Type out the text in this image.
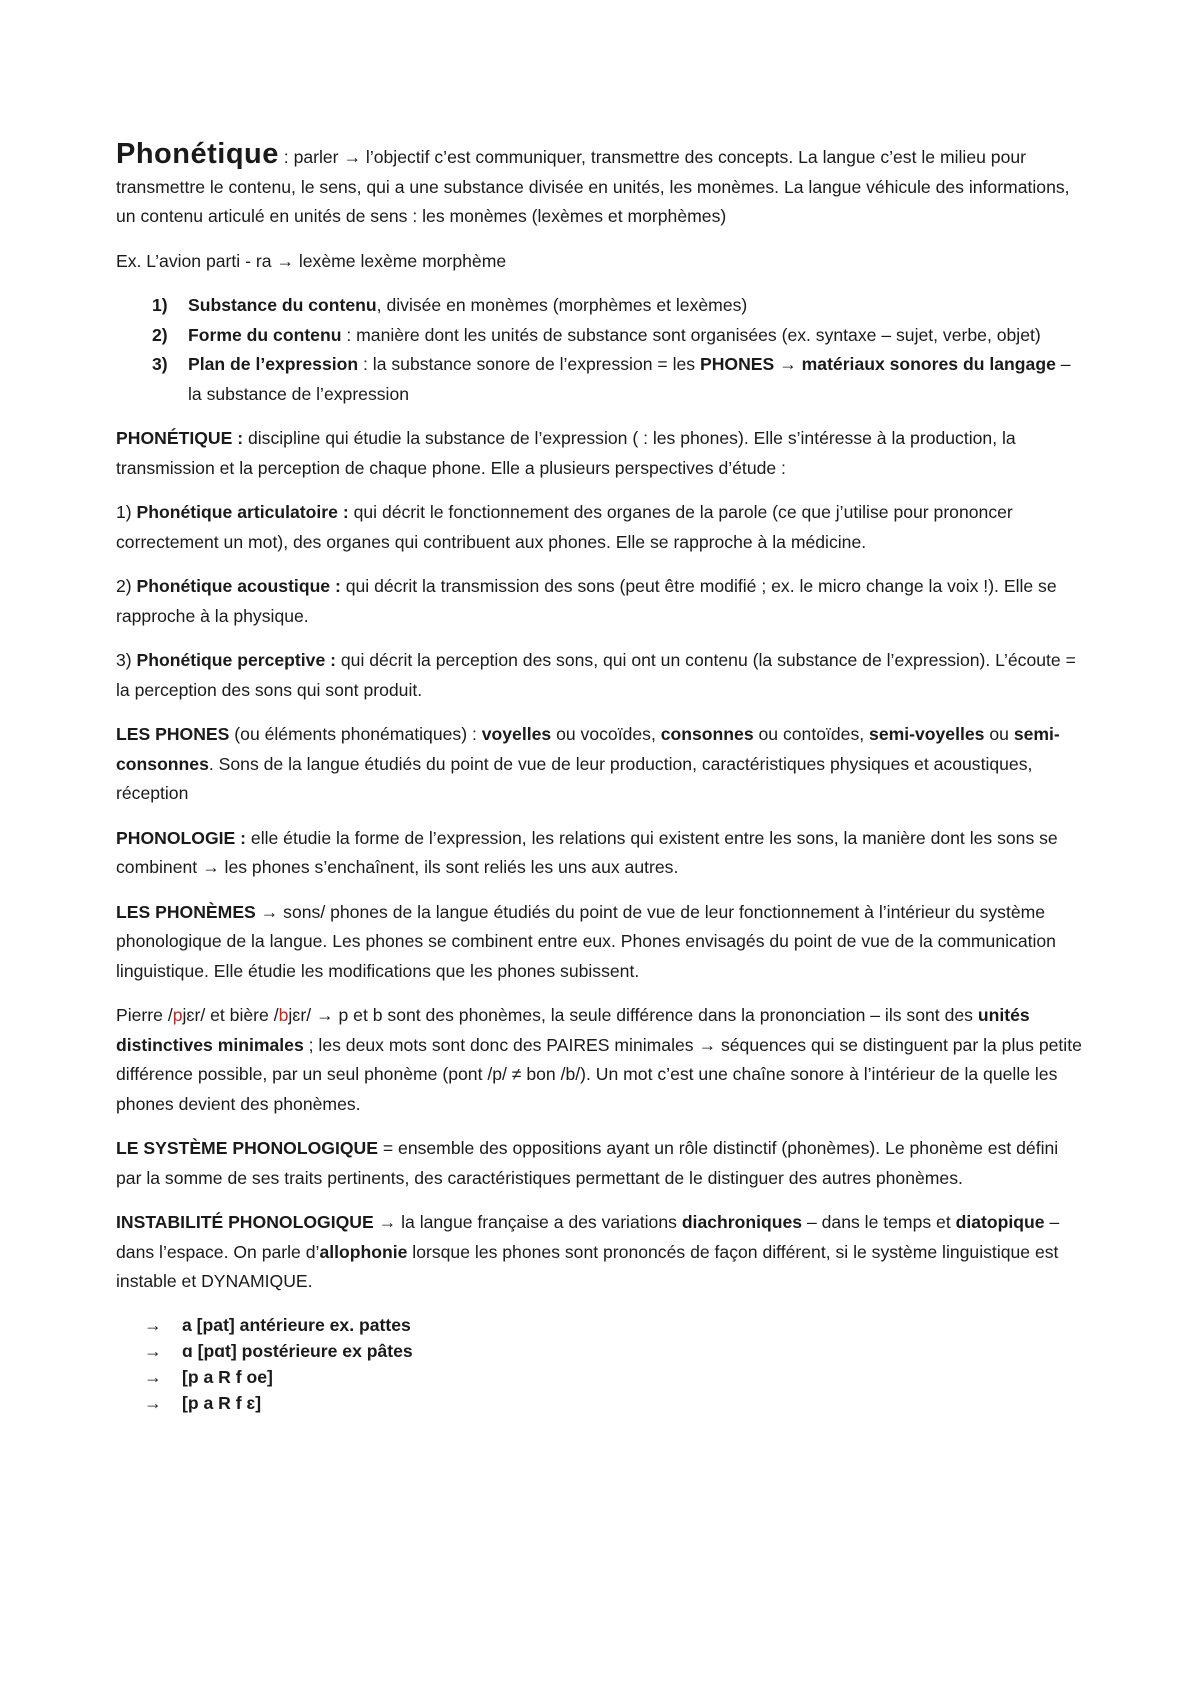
Phonétique : parler → l’objectif c’est communiquer, transmettre des concepts. La langue c’est le milieu pour transmettre le contenu, le sens, qui a une substance divisée en unités, les monèmes. La langue véhicule des informations, un contenu articulé en unités de sens : les monèmes (lexèmes et morphèmes)

Ex. L’avion parti - ra → lexème lexème morphème

1) Substance du contenu, divisée en monèmes (morphèmes et lexèmes)
2) Forme du contenu : manière dont les unités de substance sont organisées (ex. syntaxe – sujet, verbe, objet)
3) Plan de l’expression : la substance sonore de l’expression = les PHONES → matériaux sonores du langage – la substance de l’expression

PHONÉTIQUE : discipline qui étudie la substance de l’expression ( : les phones). Elle s’intéresse à la production, la transmission et la perception de chaque phone. Elle a plusieurs perspectives d’étude :

1) Phonétique articulatoire : qui décrit le fonctionnement des organes de la parole (ce que j’utilise pour prononcer correctement un mot), des organes qui contribuent aux phones. Elle se rapproche à la médicine.

2) Phonétique acoustique : qui décrit la transmission des sons (peut être modifié ; ex. le micro change la voix !). Elle se rapproche à la physique.

3) Phonétique perceptive : qui décrit la perception des sons, qui ont un contenu (la substance de l’expression). L’écoute = la perception des sons qui sont produit.

LES PHONES (ou éléments phonématiques) : voyelles ou vocoïdes, consonnes ou contoïdes, semi-voyelles ou semi-consonnes. Sons de la langue étudiés du point de vue de leur production, caractéristiques physiques et acoustiques, réception

PHONOLOGIE : elle étudie la forme de l’expression, les relations qui existent entre les sons, la manière dont les sons se combinent → les phones s’enchaînent, ils sont reliés les uns aux autres.

LES PHONÈMES → sons/ phones de la langue étudiés du point de vue de leur fonctionnement à l’intérieur du système phonologique de la langue. Les phones se combinent entre eux. Phones envisagés du point de vue de la communication linguistique. Elle étudie les modifications que les phones subissent.

Pierre /pjɛr/ et bière /bjɛr/ → p et b sont des phonèmes, la seule différence dans la prononciation – ils sont des unités distinctives minimales ; les deux mots sont donc des PAIRES minimales → séquences qui se distinguent par la plus petite différence possible, par un seul phonème (pont /p/ ≠ bon /b/). Un mot c’est une chaîne sonore à l’intérieur de la quelle les phones devient des phonèmes.

LE SYSTÈME PHONOLOGIQUE = ensemble des oppositions ayant un rôle distinctif (phonèmes). Le phonème est défini par la somme de ses traits pertinents, des caractéristiques permettant de le distinguer des autres phonèmes.

INSTABILITÉ PHONOLOGIQUE → la langue française a des variations diachroniques – dans le temps et diatopique – dans l’espace. On parle d’allophonie lorsque les phones sont prononcés de façon différent, si le système linguistique est instable et DYNAMIQUE.

→ a [pat] antérieure ex. pattes
→ ɑ [pɑt] postérieure ex pâtes
→ [p a R f oe]
→ [p a R f ɛ]
